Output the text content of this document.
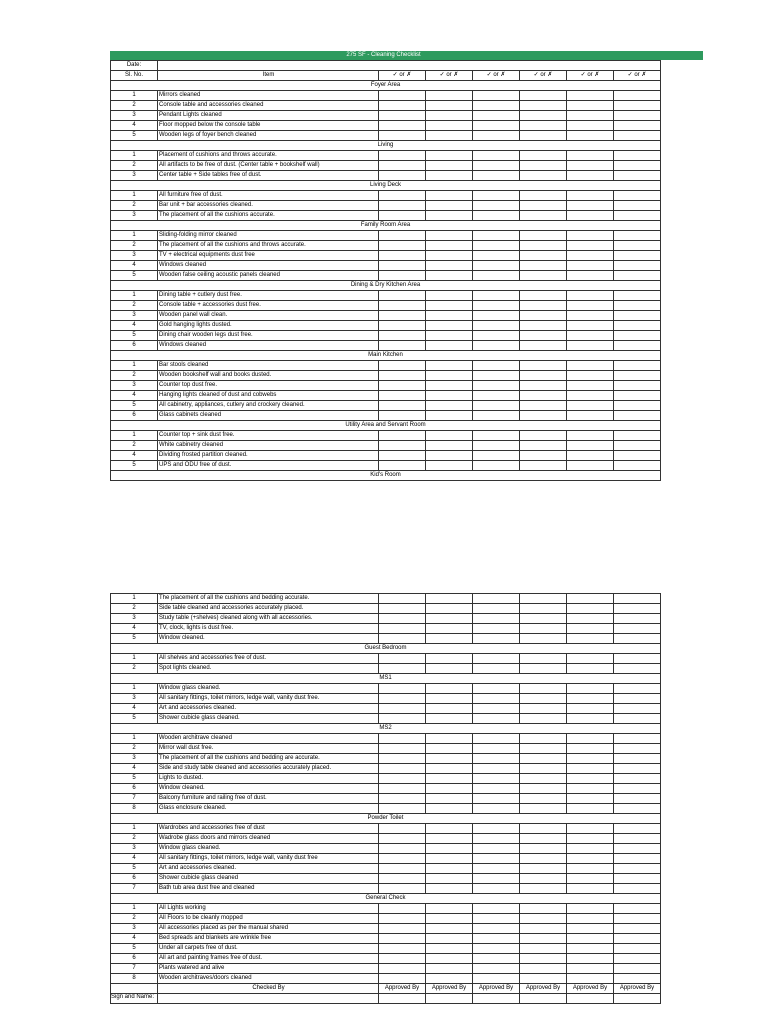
275 SF - Cleaning Checklist
Date:							
Sl. No.	Item	✓ or ✗	✓ or ✗	✓ or ✗	✓ or ✗	✓ or ✗	✓ or ✗
Foyer Area							
1	Mirrors cleaned						
2	Console table and accessories cleaned						
3	Pendant Lights cleaned						
4	Floor mopped below the console table						
5	Wooden legs of foyer bench cleaned						
Living							
1	Placement of cushions and throws accurate.						
2	All artifacts to be free of dust. (Center table + bookshelf wall)						
3	Center table + Side tables free of dust.						
Living Deck							
1	All furniture free of dust.						
2	Bar unit + bar accessories cleaned.						
3	The placement of all the cushions accurate.						
Family Room Area							
1	Sliding-folding mirror cleaned						
2	The placement of all the cushions and throws accurate.						
3	TV + electrical equipments dust free						
4	Windows cleaned						
5	Wooden false ceiling acoustic panels cleaned						
Dining & Dry Kitchen Area							
1	Dining table + cutlery dust free.						
2	Console table + accessories dust free.						
3	Wooden panel wall clean.						
4	Gold hanging lights dusted.						
5	Dining chair wooden legs dust free.						
6	Windows cleaned						
Main Kitchen							
1	Bar stools cleaned						
2	Wooden bookshelf wall and books dusted.						
3	Counter top dust free.						
4	Hanging lights cleaned of dust and cobwebs						
5	All cabinetry, appliances, cutlery and crockery cleaned.						
6	Glass cabinets cleaned						
Utility Area and Servant Room							
1	Counter top + sink dust free.						
2	White cabinetry cleaned						
4	Dividing frosted partition cleaned.						
5	UPS and ODU free of dust.						
Kid's Room							
1	The placement of all the cushions and bedding accurate.						
2	Side table cleaned and accessories accurately placed.						
3	Study table (+shelves) cleaned along with all accessories.						
4	TV, clock, lights is dust free.						
5	Window cleaned.						
Guest Bedroom							
1	All shelves and accessories free of dust.						
2	Spot lights cleaned.						
MS1							
1	Window glass cleaned.						
3	All sanitary fittings, toilet mirrors, ledge wall, vanity dust free.						
4	Art and accessories cleaned.						
5	Shower cubicle glass cleaned.						
MS2							
1	Wooden architrave cleaned						
2	Mirror wall dust free.						
3	The placement of all the cushions and bedding are accurate.						
4	Side and study table cleaned and accessories accurately placed.						
5	Lights to dusted.						
6	Window cleaned.						
7	Balcony furniture and railing free of dust.						
8	Glass enclosure cleaned.						
Powder Toilet							
1	Wardrobes and accessories free of dust						
2	Wadrobe glass doors and mirrors cleaned						
3	Window glass cleaned.						
4	All sanitary fittings, toilet mirrors, ledge wall, vanity dust free						
5	Art and accessories cleaned.						
6	Shower cubicle glass cleaned						
7	Bath tub area dust free and cleaned						
General Check							
1	All Lights working						
2	All Floors to be cleanly mopped						
3	All accessories placed as per the manual shared						
4	Bed spreads and blankets are wrinkle free						
5	Under all carpets free of dust.						
6	All art and painting frames free of dust.						
7	Plants watered and alive						
8	Wooden architraves/doors cleaned						
	Checked By	Approved By	Approved By	Approved By	Approved By	Approved By	Approved By
Sign and Name:							
